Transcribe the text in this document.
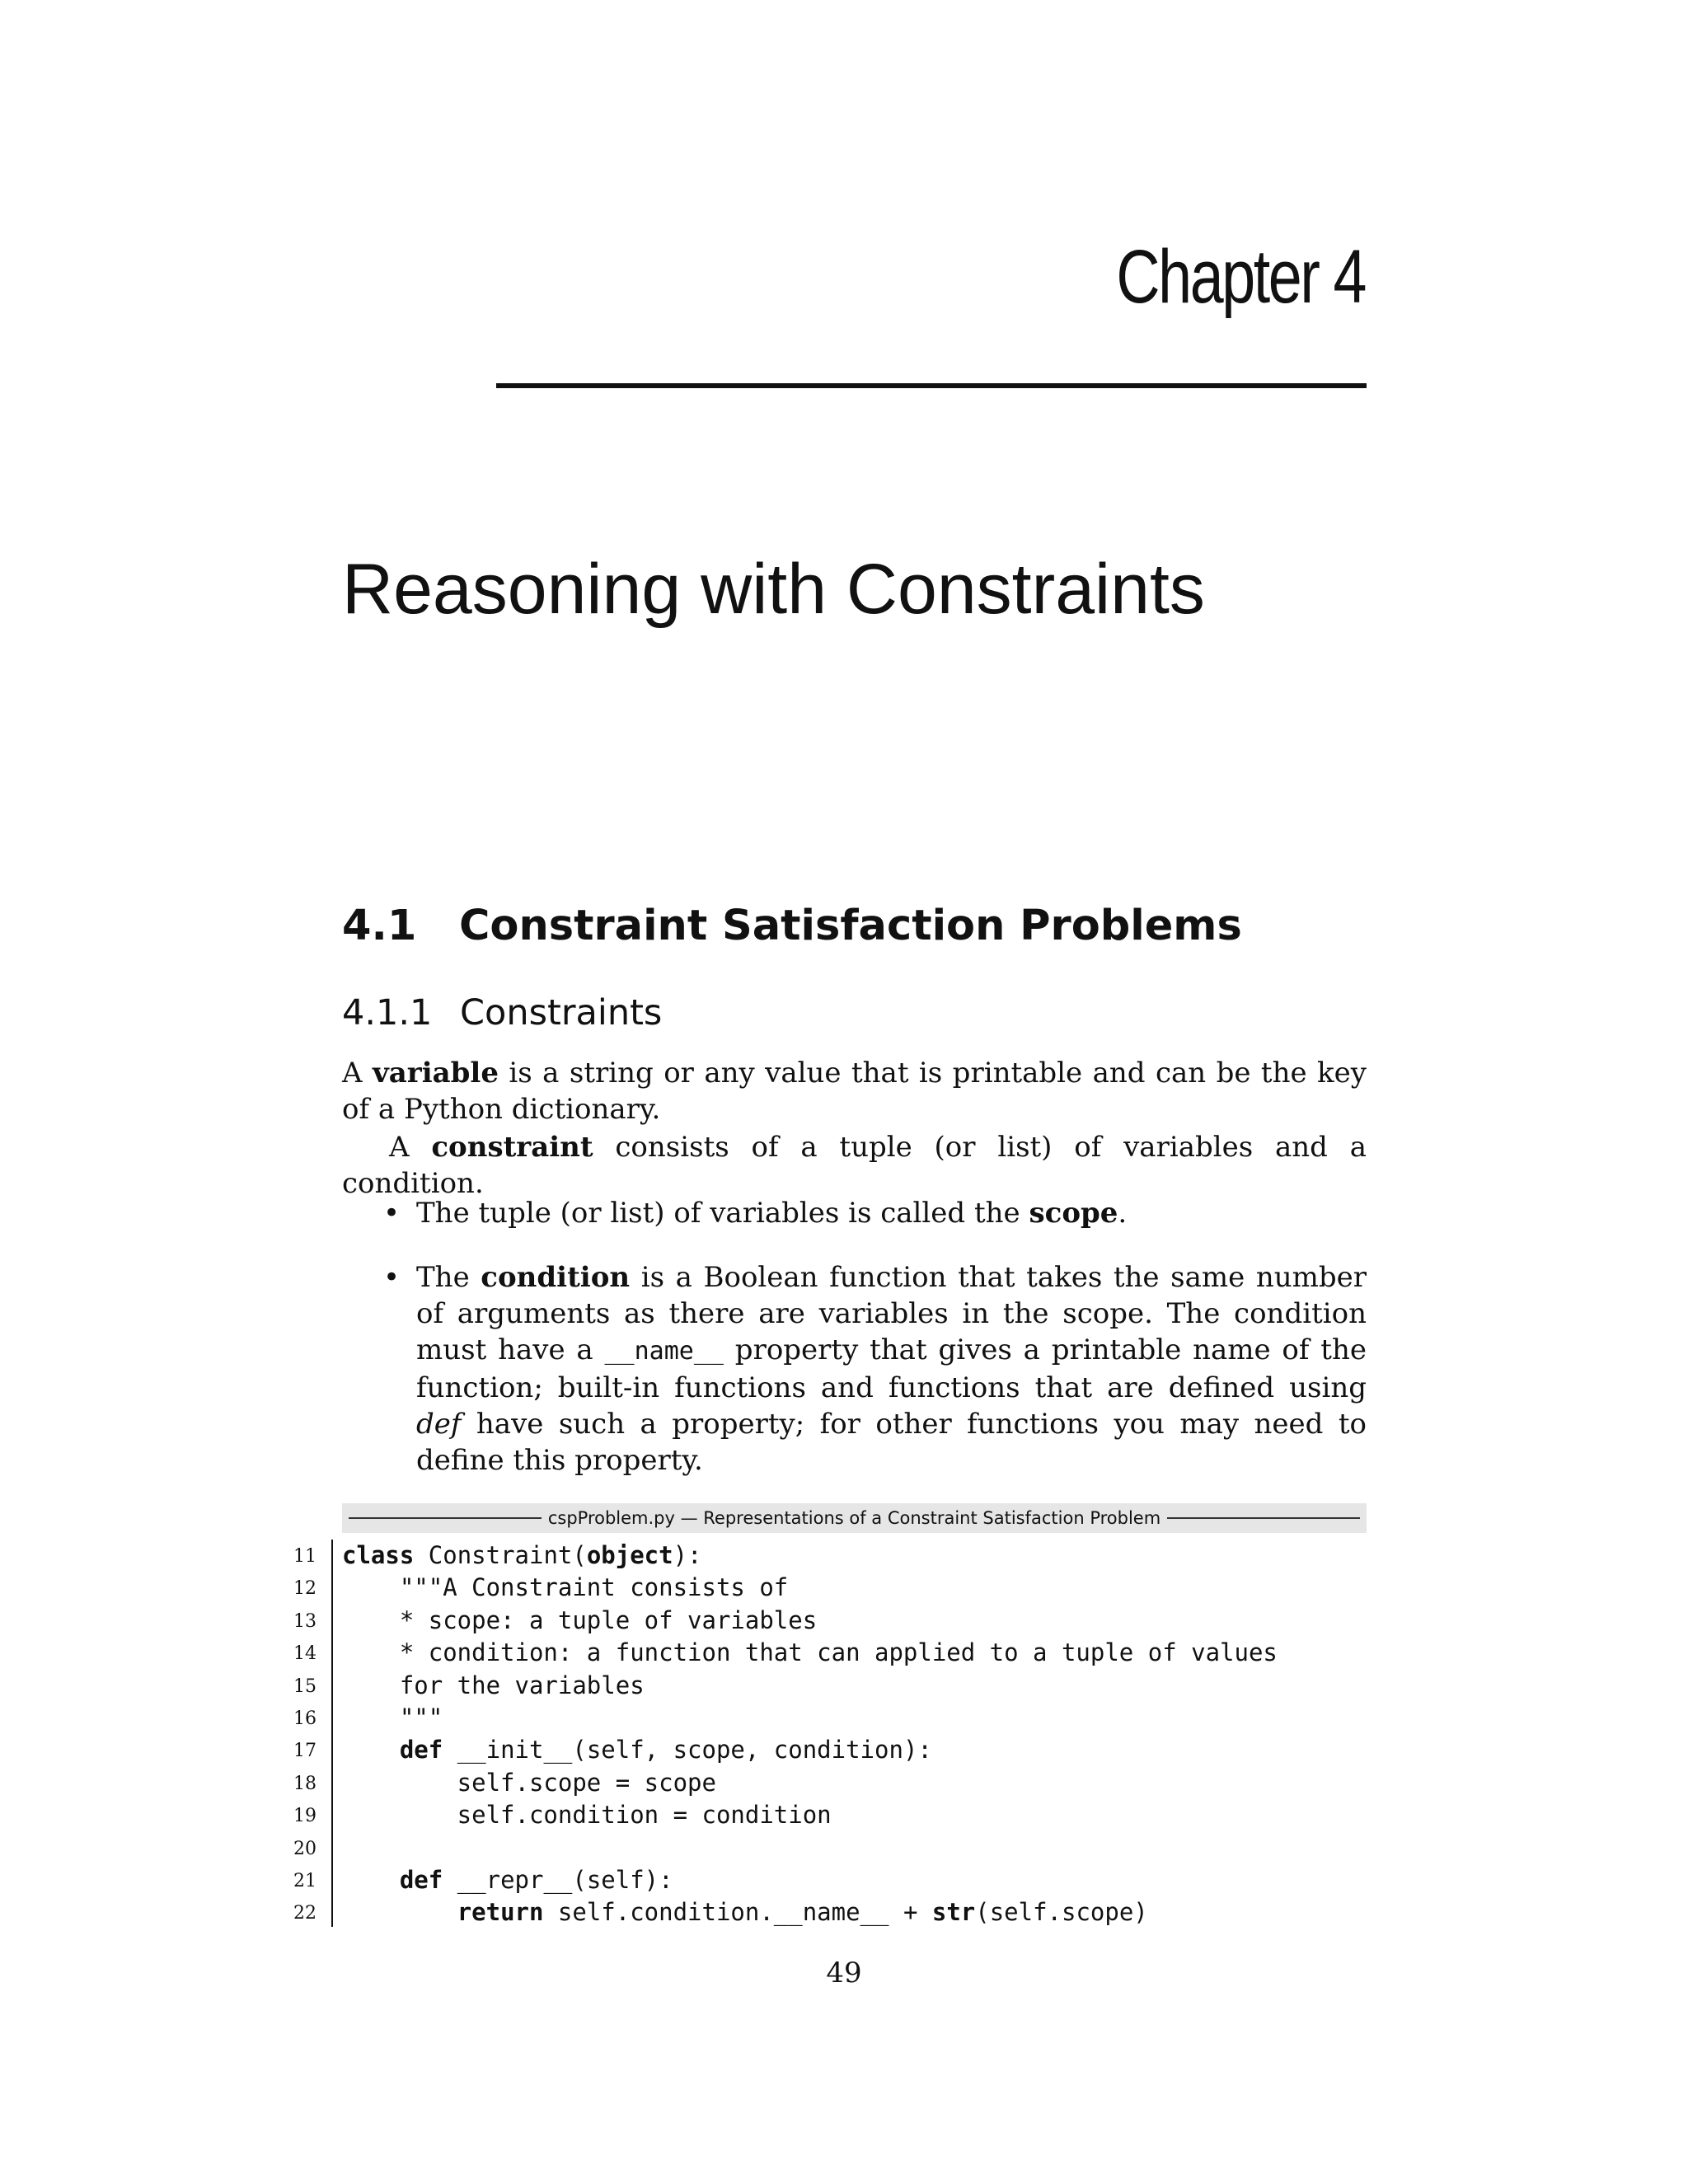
Chapter 4
Reasoning with Constraints
4.1 Constraint Satisfaction Problems
4.1.1 Constraints
A variable is a string or any value that is printable and can be the key of a Python dictionary.
A constraint consists of a tuple (or list) of variables and a condition.
• The tuple (or list) of variables is called the scope.
• The condition is a Boolean function that takes the same number of arguments as there are variables in the scope. The condition must have a __name__ property that gives a printable name of the function; built-in functions and functions that are defined using def have such a property; for other functions you may need to define this property.
cspProblem.py — Representations of a Constraint Satisfaction Problem
11 class Constraint(object):
12 """A Constraint consists of
13 * scope: a tuple of variables
14 * condition: a function that can applied to a tuple of values
15 for the variables
16 """
17	def __init__(self, scope, condition):
18 self.scope = scope
19 self.condition = condition
20
21	def __repr__(self):
22	return self.condition.__name__ + str(self.scope)
49
